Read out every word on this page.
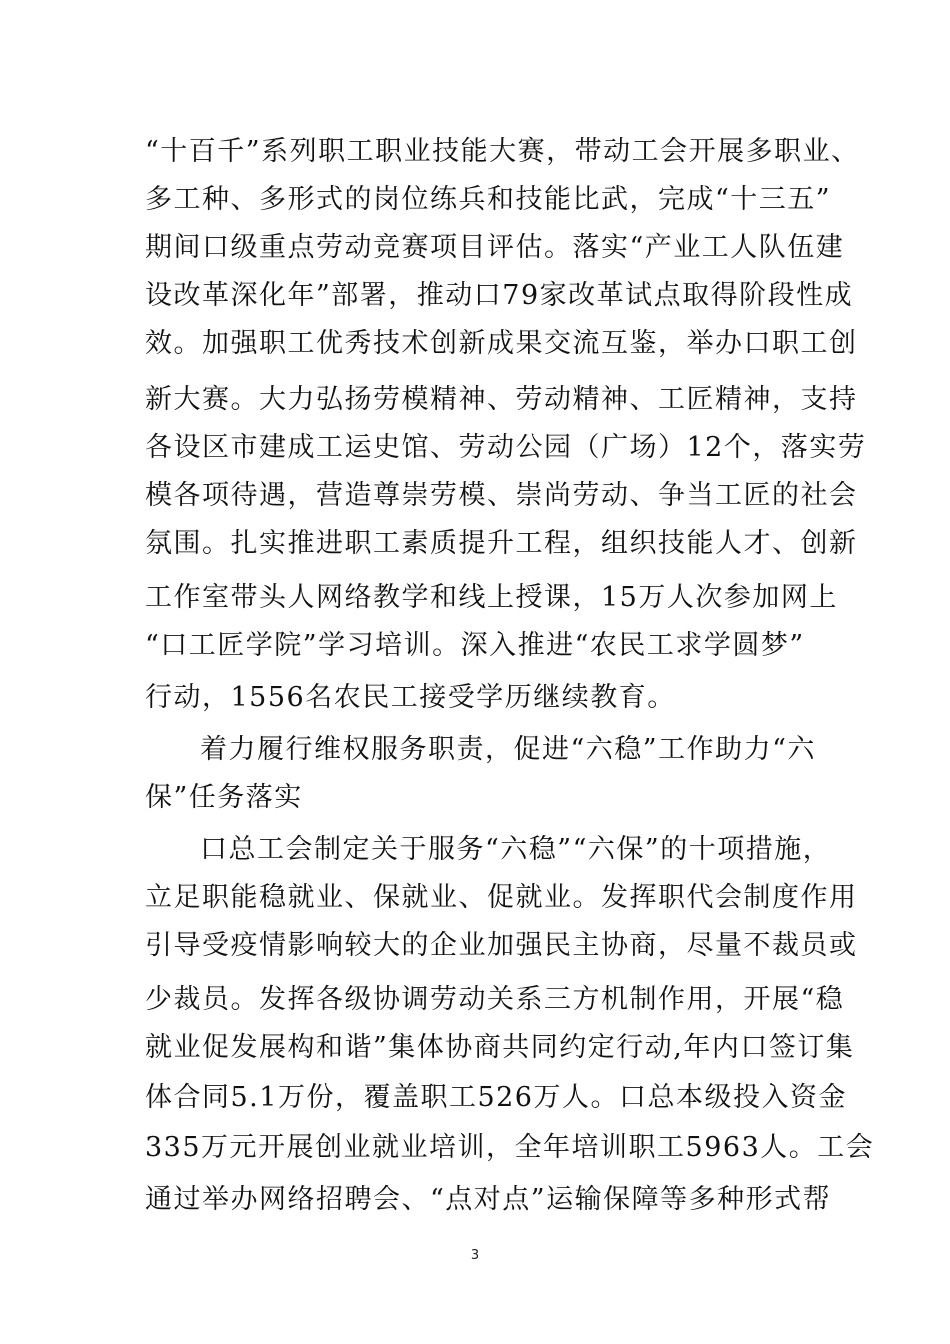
“十百千”系列职工职业技能大赛，带动工会开展多职业、
多工种、多形式的岗位练兵和技能比武，完成“十三五”
期间口级重点劳动竞赛项目评估。落实“产业工人队伍建
设改革深化年”部署，推动口79家改革试点取得阶段性成
效。加强职工优秀技术创新成果交流互鉴，举办口职工创
新大赛。大力弘扬劳模精神、劳动精神、工匠精神，支持
各设区市建成工运史馆、劳动公园（广场）12个，落实劳
模各项待遇，营造尊崇劳模、崇尚劳动、争当工匠的社会
氛围。扎实推进职工素质提升工程，组织技能人才、创新
工作室带头人网络教学和线上授课，15万人次参加网上
“口工匠学院”学习培训。深入推进“农民工求学圆梦”
行动，1556名农民工接受学历继续教育。
着力履行维权服务职责，促进“六稳”工作助力“六
保”任务落实
口总工会制定关于服务“六稳”“六保”的十项措施，
立足职能稳就业、保就业、促就业。发挥职代会制度作用
引导受疫情影响较大的企业加强民主协商，尽量不裁员或
少裁员。发挥各级协调劳动关系三方机制作用，开展“稳
就业促发展构和谐”集体协商共同约定行动,年内口签订集
体合同5.1万份，覆盖职工526万人。口总本级投入资金
335万元开展创业就业培训，全年培训职工5963人。工会
通过举办网络招聘会、“点对点”运输保障等多种形式帮
3
